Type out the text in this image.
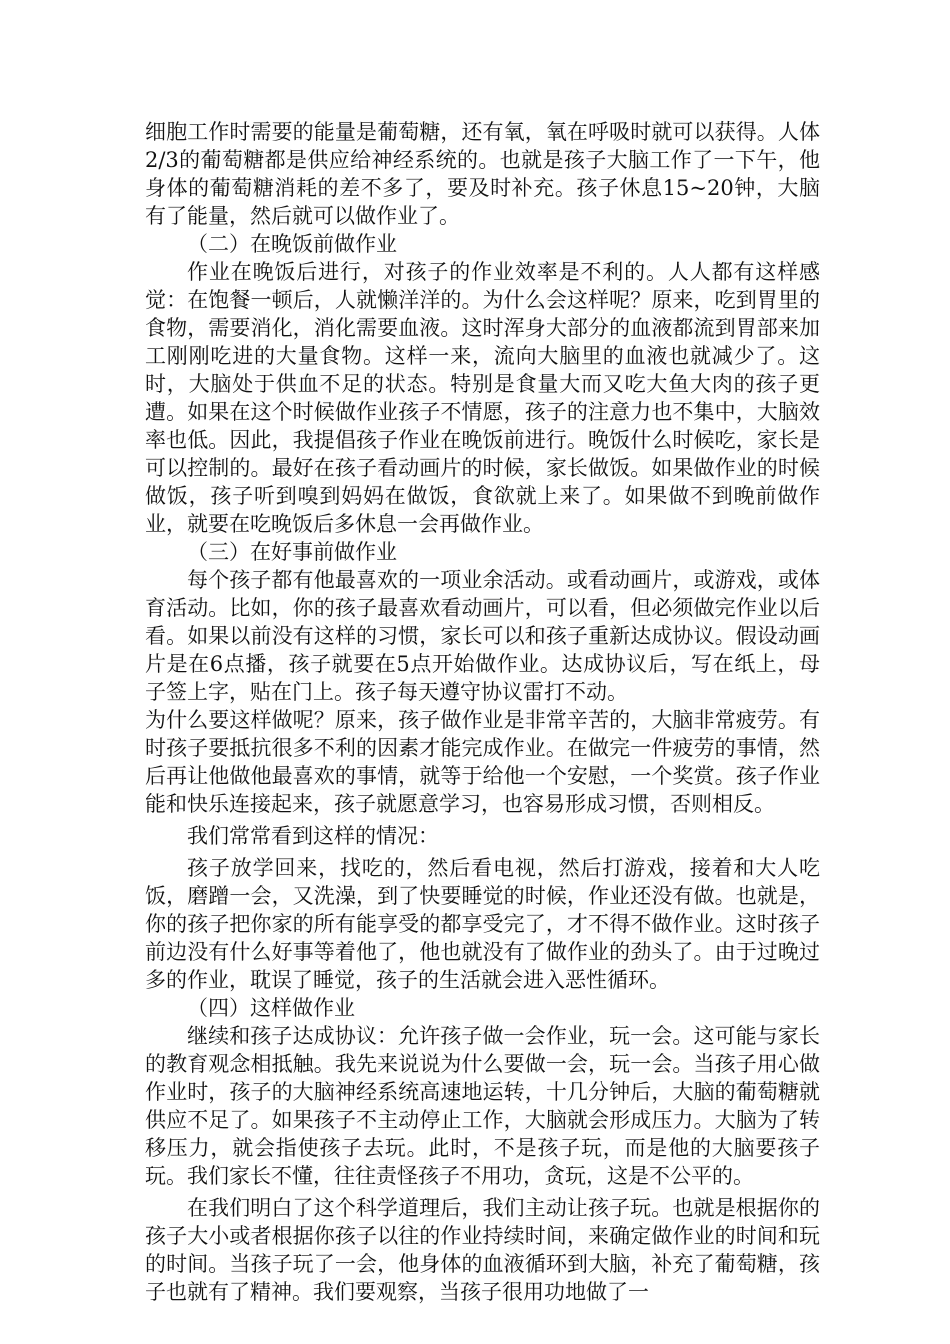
细胞工作时需要的能量是葡萄糖，还有氧，氧在呼吸时就可以获得。人体2/3的葡萄糖都是供应给神经系统的。也就是孩子大脑工作了一下午，他身体的葡萄糖消耗的差不多了，要及时补充。孩子休息15~20钟，大脑有了能量，然后就可以做作业了。

（二）在晚饭前做作业

作业在晚饭后进行，对孩子的作业效率是不利的。人人都有这样感觉：在饱餐一顿后，人就懒洋洋的。为什么会这样呢？原来，吃到胃里的食物，需要消化，消化需要血液。这时浑身大部分的血液都流到胃部来加工刚刚吃进的大量食物。这样一来，流向大脑里的血液也就减少了。这时，大脑处于供血不足的状态。特别是食量大而又吃大鱼大肉的孩子更遭。如果在这个时候做作业孩子不情愿，孩子的注意力也不集中，大脑效率也低。因此，我提倡孩子作业在晚饭前进行。晚饭什么时候吃，家长是可以控制的。最好在孩子看动画片的时候，家长做饭。如果做作业的时候做饭，孩子听到嗅到妈妈在做饭，食欲就上来了。如果做不到晚前做作业，就要在吃晚饭后多休息一会再做作业。

（三）在好事前做作业

每个孩子都有他最喜欢的一项业余活动。或看动画片，或游戏，或体育活动。比如，你的孩子最喜欢看动画片，可以看，但必须做完作业以后看。如果以前没有这样的习惯，家长可以和孩子重新达成协议。假设动画片是在6点播，孩子就要在5点开始做作业。达成协议后，写在纸上，母子签上字，贴在门上。孩子每天遵守协议雷打不动。

为什么要这样做呢？原来，孩子做作业是非常辛苦的，大脑非常疲劳。有时孩子要抵抗很多不利的因素才能完成作业。在做完一件疲劳的事情，然后再让他做他最喜欢的事情，就等于给他一个安慰，一个奖赏。孩子作业能和快乐连接起来，孩子就愿意学习，也容易形成习惯，否则相反。

我们常常看到这样的情况：

孩子放学回来，找吃的，然后看电视，然后打游戏，接着和大人吃饭，磨蹭一会，又洗澡，到了快要睡觉的时候，作业还没有做。也就是，你的孩子把你家的所有能享受的都享受完了，才不得不做作业。这时孩子前边没有什么好事等着他了，他也就没有了做作业的劲头了。由于过晚过多的作业，耽误了睡觉，孩子的生活就会进入恶性循环。

（四）这样做作业

继续和孩子达成协议：允许孩子做一会作业，玩一会。这可能与家长的教育观念相抵触。我先来说说为什么要做一会，玩一会。当孩子用心做作业时，孩子的大脑神经系统高速地运转，十几分钟后，大脑的葡萄糖就供应不足了。如果孩子不主动停止工作，大脑就会形成压力。大脑为了转移压力，就会指使孩子去玩。此时，不是孩子玩，而是他的大脑要孩子玩。我们家长不懂，往往责怪孩子不用功，贪玩，这是不公平的。

在我们明白了这个科学道理后，我们主动让孩子玩。也就是根据你的孩子大小或者根据你孩子以往的作业持续时间，来确定做作业的时间和玩的时间。当孩子玩了一会，他身体的血液循环到大脑，补充了葡萄糖，孩子也就有了精神。我们要观察，当孩子很用功地做了一
